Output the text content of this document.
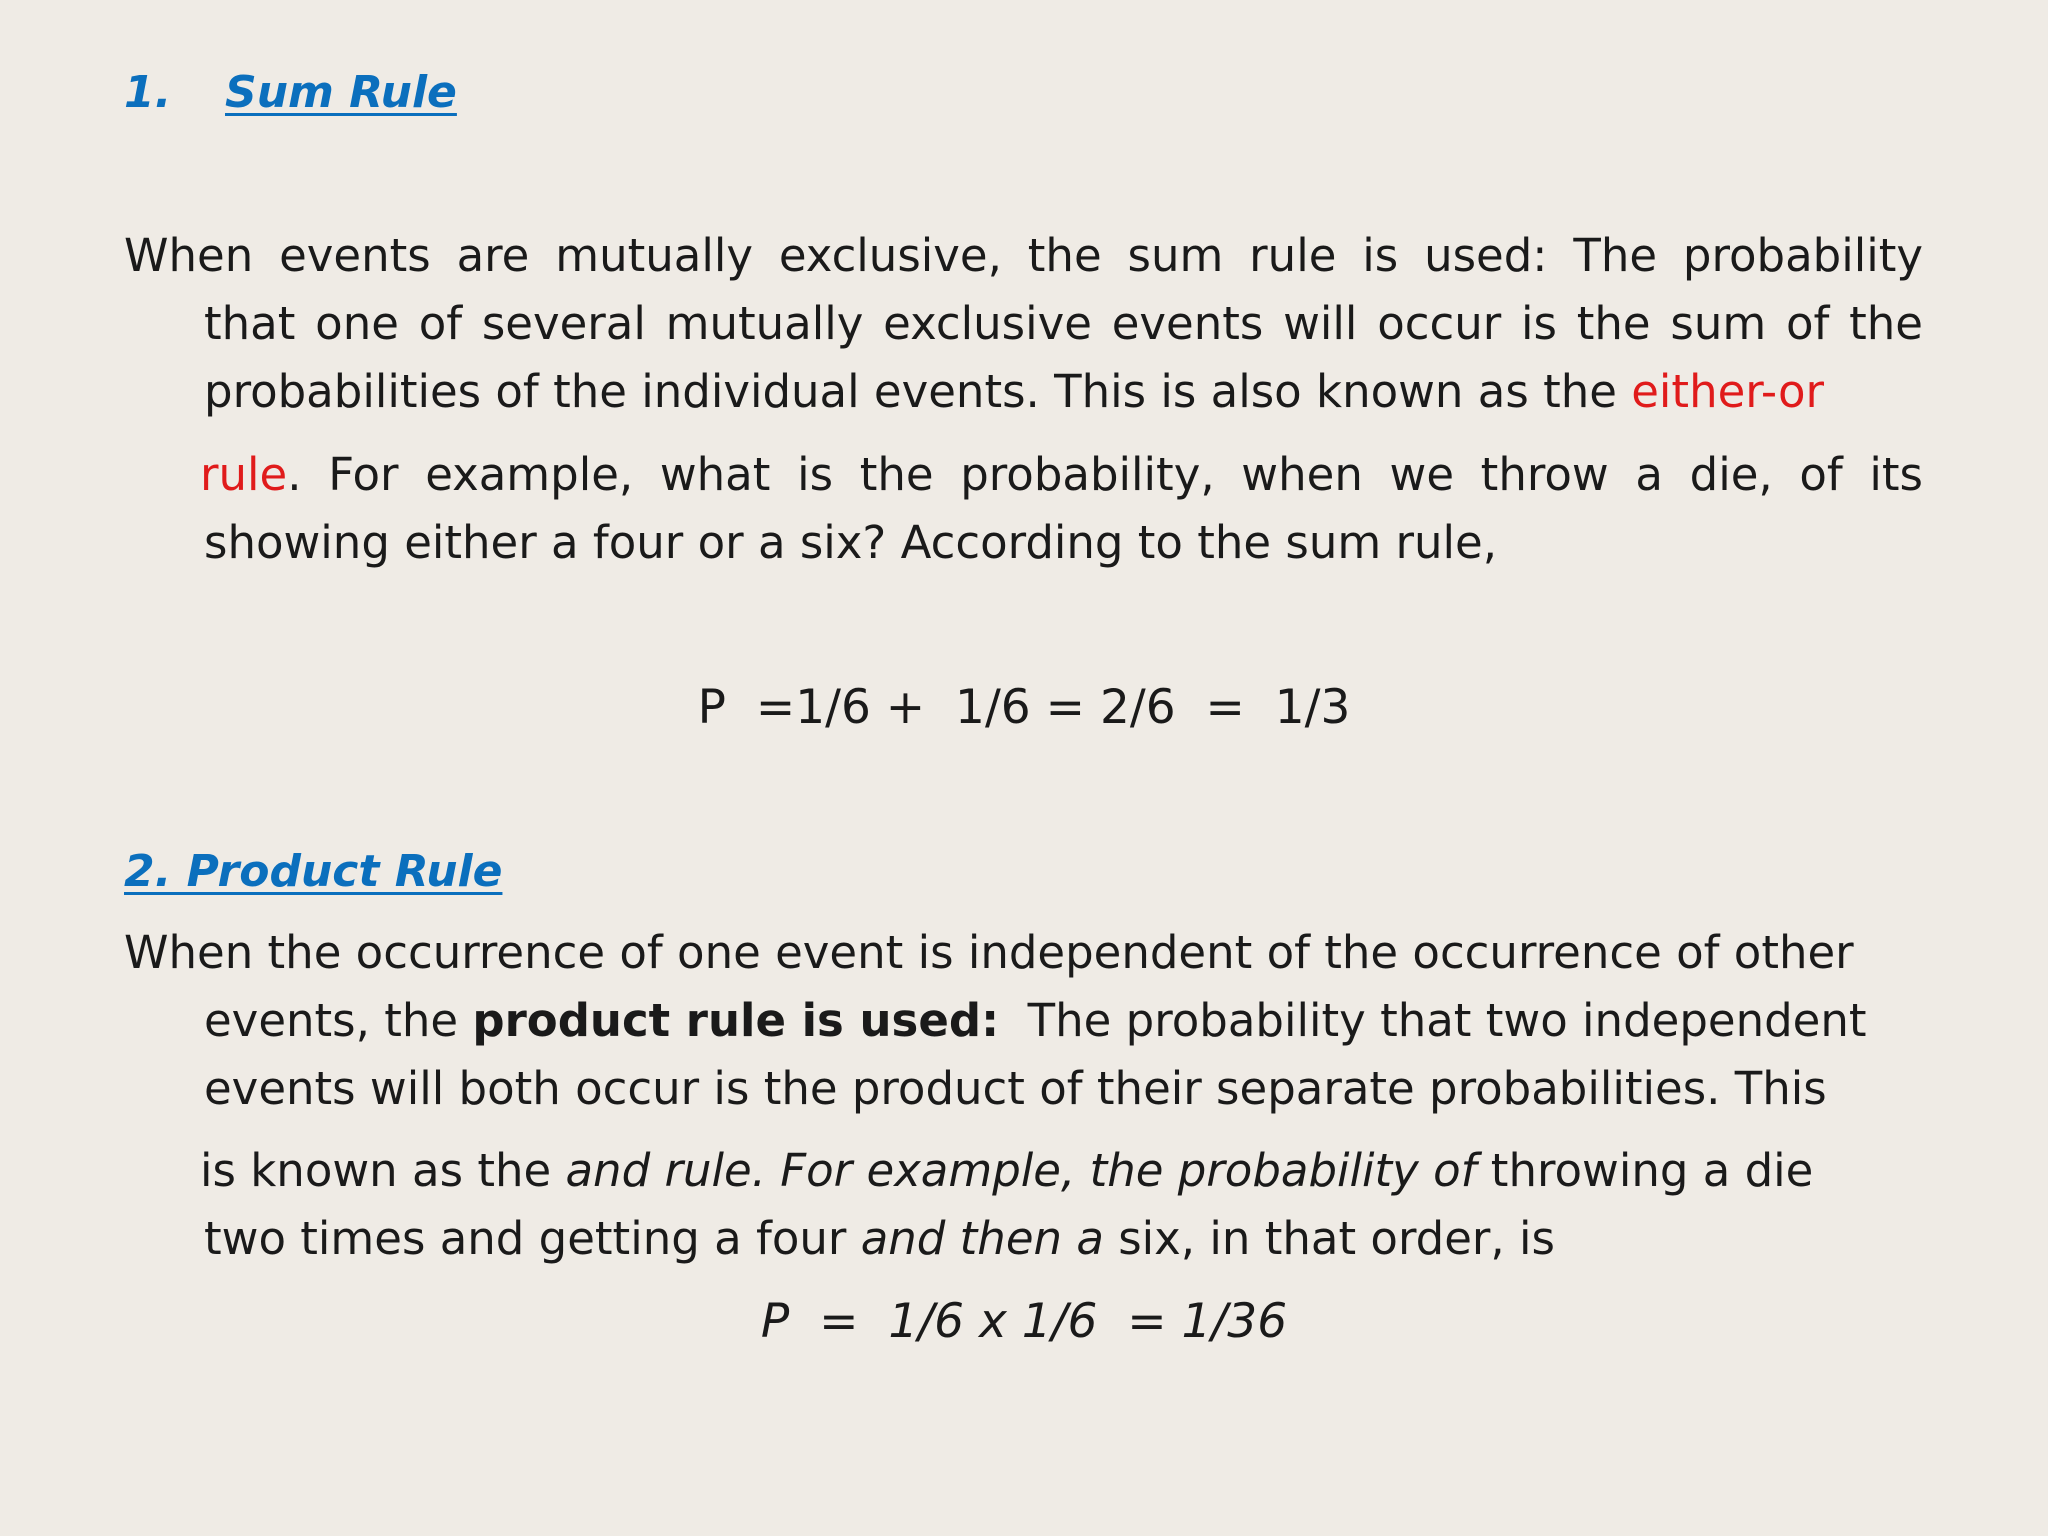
1. Sum Rule
When events are mutually exclusive, the sum rule is used: The probability
that one of several mutually exclusive events will occur is the sum of the
probabilities of the individual events. This is also known as the either-or
rule. For example, what is the probability, when we throw a die, of its
showing either a four or a six? According to the sum rule,
P  =1/6 +  1/6 = 2/6  =  1/3
2. Product Rule
When the occurrence of one event is independent of the occurrence of other
events, the product rule is used:  The probability that two independent
events will both occur is the product of their separate probabilities. This
is known as the and rule. For example, the probability of throwing a die
two times and getting a four and then a six, in that order, is
P  =  1/6 x 1/6  = 1/36
